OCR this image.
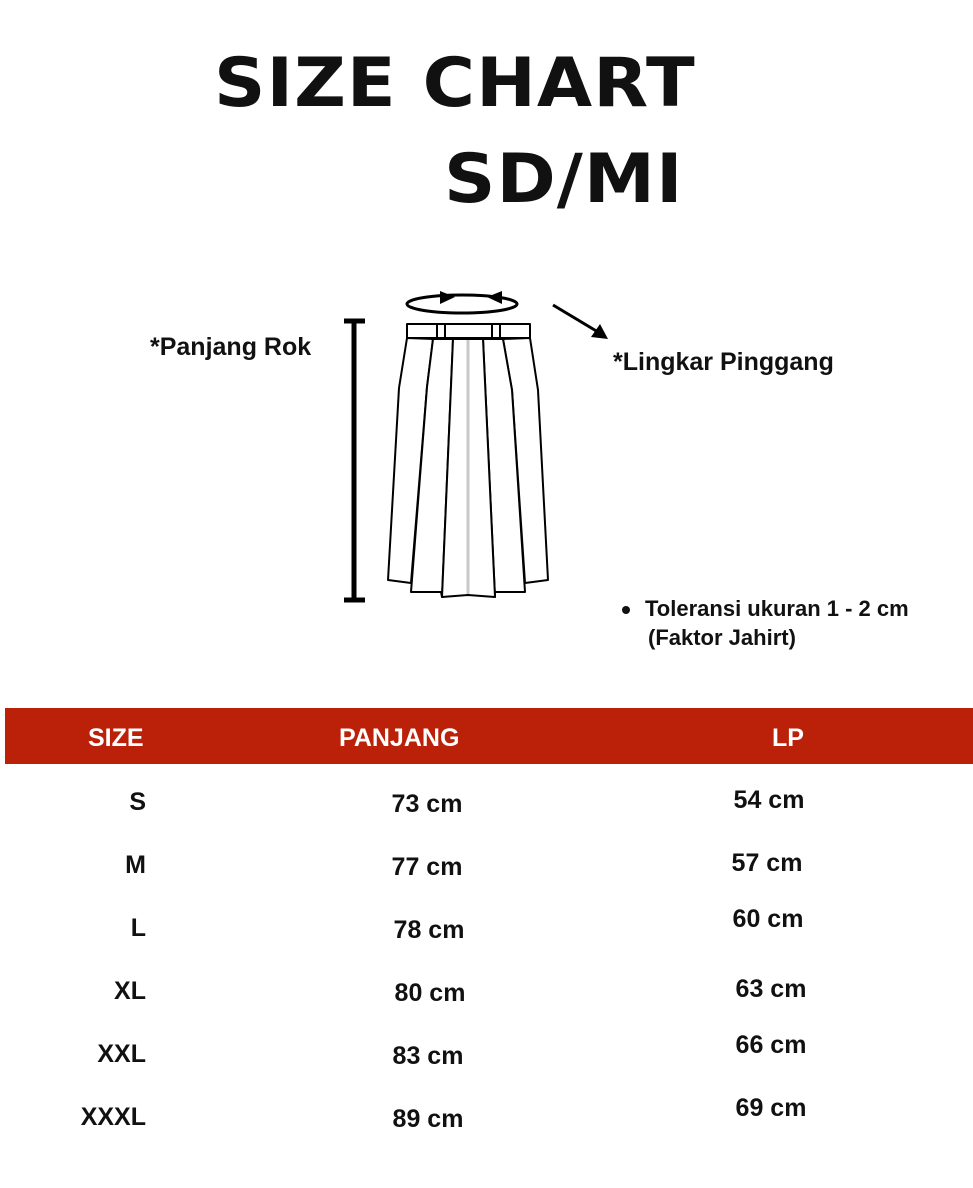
SIZE CHART
SD/MI
*Panjang Rok
*Lingkar Pinggang
Toleransi ukuran 1 - 2 cm
(Faktor Jahirt)
SIZE	PANJANG	LP
S	73 cm	54 cm
M	77 cm	57 cm
L	78 cm	60 cm
XL	80 cm	63 cm
XXL	83 cm	66 cm
XXXL	89 cm	69 cm
